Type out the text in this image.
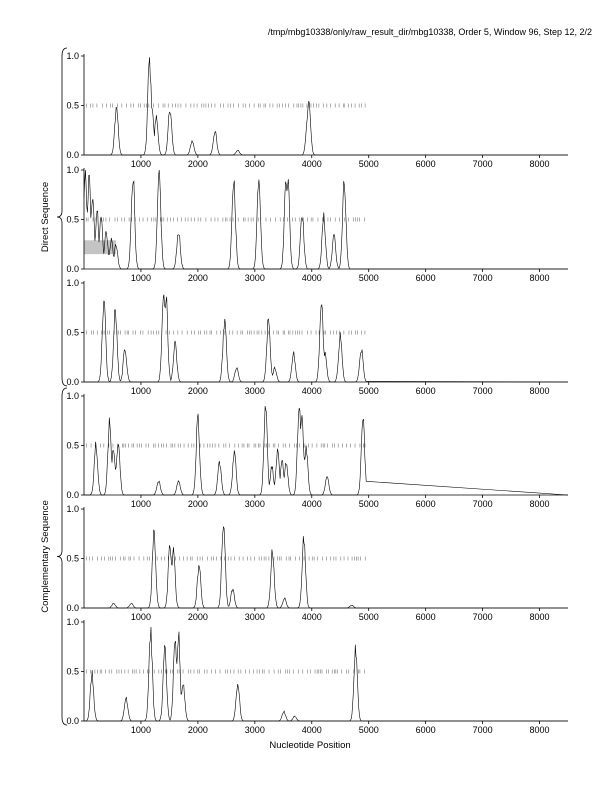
/tmp/mbg10338/only/raw_result_dir/mbg10338, Order 5, Window 96, Step 12, 2/2
0.0
0.5
1.0
1000	2000	3000	4000	5000	6000	7000	8000
0.0
0.5
1.0
1000	2000	3000	4000	5000	6000	7000	8000
0.0
0.5
1.0
1000	2000	3000	4000	5000	6000	7000	8000
0.0
0.5
1.0
1000	2000	3000	4000	5000	6000	7000	8000
0.0
0.5
1.0
1000	2000	3000	4000	5000	6000	7000	8000
0.0
0.5
1.0
1000	2000	3000	4000	5000	6000	7000	8000
Direct Sequence
Complementary Sequence
Nucleotide Position
